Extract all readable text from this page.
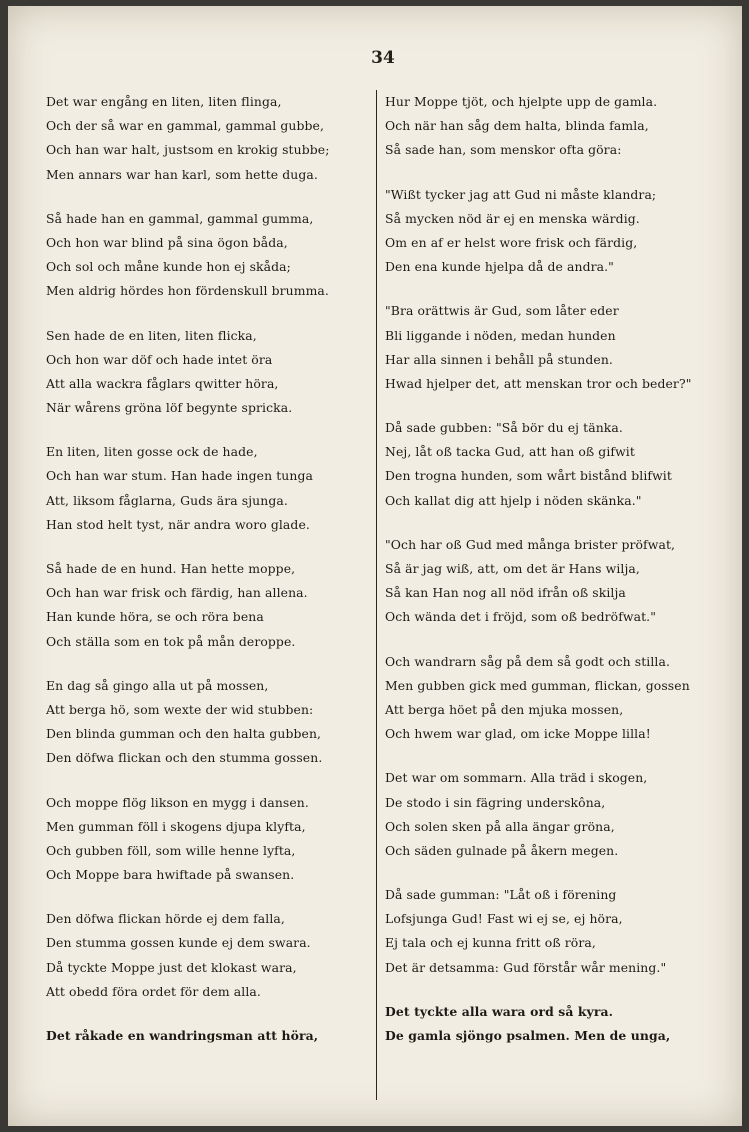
34
Det war engång en liten, liten flinga,
Och der så war en gammal, gammal gubbe,
Och han war halt, justsom en krokig stubbe;
Men annars war han karl, som hette duga.
Så hade han en gammal, gammal gumma,
Och hon war blind på sina ögon båda,
Och sol och måne kunde hon ej skåda;
Men aldrig hördes hon fördenskull brumma.
Sen hade de en liten, liten flicka,
Och hon war döf och hade intet öra
Att alla wackra fåglars qwitter höra,
När wårens gröna löf begynte spricka.
En liten, liten gosse ock de hade,
Och han war stum. Han hade ingen tunga
Att, liksom fåglarna, Guds ära sjunga.
Han stod helt tyst, när andra woro glade.
Så hade de en hund. Han hette moppe,
Och han war frisk och färdig, han allena.
Han kunde höra, se och röra bena
Och ställa som en tok på mån deroppe.
En dag så gingo alla ut på mossen,
Att berga hö, som wexte der wid stubben:
Den blinda gumman och den halta gubben,
Den döfwa flickan och den stumma gossen.
Och moppe flög likson en mygg i dansen.
Men gumman föll i skogens djupa klyfta,
Och gubben föll, som wille henne lyfta,
Och Moppe bara hwiftade på swansen.
Den döfwa flickan hörde ej dem falla,
Den stumma gossen kunde ej dem swara.
Då tyckte Moppe just det klokast wara,
Att obedd föra ordet för dem alla.
Det råkade en wandringsman att höra,
Hur Moppe tjöt, och hjelpte upp de gamla.
Och när han såg dem halta, blinda famla,
Så sade han, som menskor ofta göra:
"Wißt tycker jag att Gud ni måste klandra;
Så mycken nöd är ej en menska wärdig.
Om en af er helst wore frisk och färdig,
Den ena kunde hjelpa då de andra."
"Bra orättwis är Gud, som låter eder
Bli liggande i nöden, medan hunden
Har alla sinnen i behåll på stunden.
Hwad hjelper det, att menskan tror och beder?"
Då sade gubben: "Så bör du ej tänka.
Nej, låt oß tacka Gud, att han oß gifwit
Den trogna hunden, som wårt bistånd blifwit
Och kallat dig att hjelp i nöden skänka."
"Och har oß Gud med många brister pröfwat,
Så är jag wiß, att, om det är Hans wilja,
Så kan Han nog all nöd ifrån oß skilja
Och wända det i fröjd, som oß bedröfwat."
Och wandrarn såg på dem så godt och stilla.
Men gubben gick med gumman, flickan, gossen
Att berga höet på den mjuka mossen,
Och hwem war glad, om icke Moppe lilla!
Det war om sommarn. Alla träd i skogen,
De stodo i sin fägring underskôna,
Och solen sken på alla ängar gröna,
Och säden gulnade på åkern megen.
Då sade gumman: "Låt oß i förening
Lofsjunga Gud! Fast wi ej se, ej höra,
Ej tala och ej kunna fritt oß röra,
Det är detsamma: Gud förstår wår mening."
Det tyckte alla wara ord så kyra.
De gamla sjöngo psalmen. Men de unga,
